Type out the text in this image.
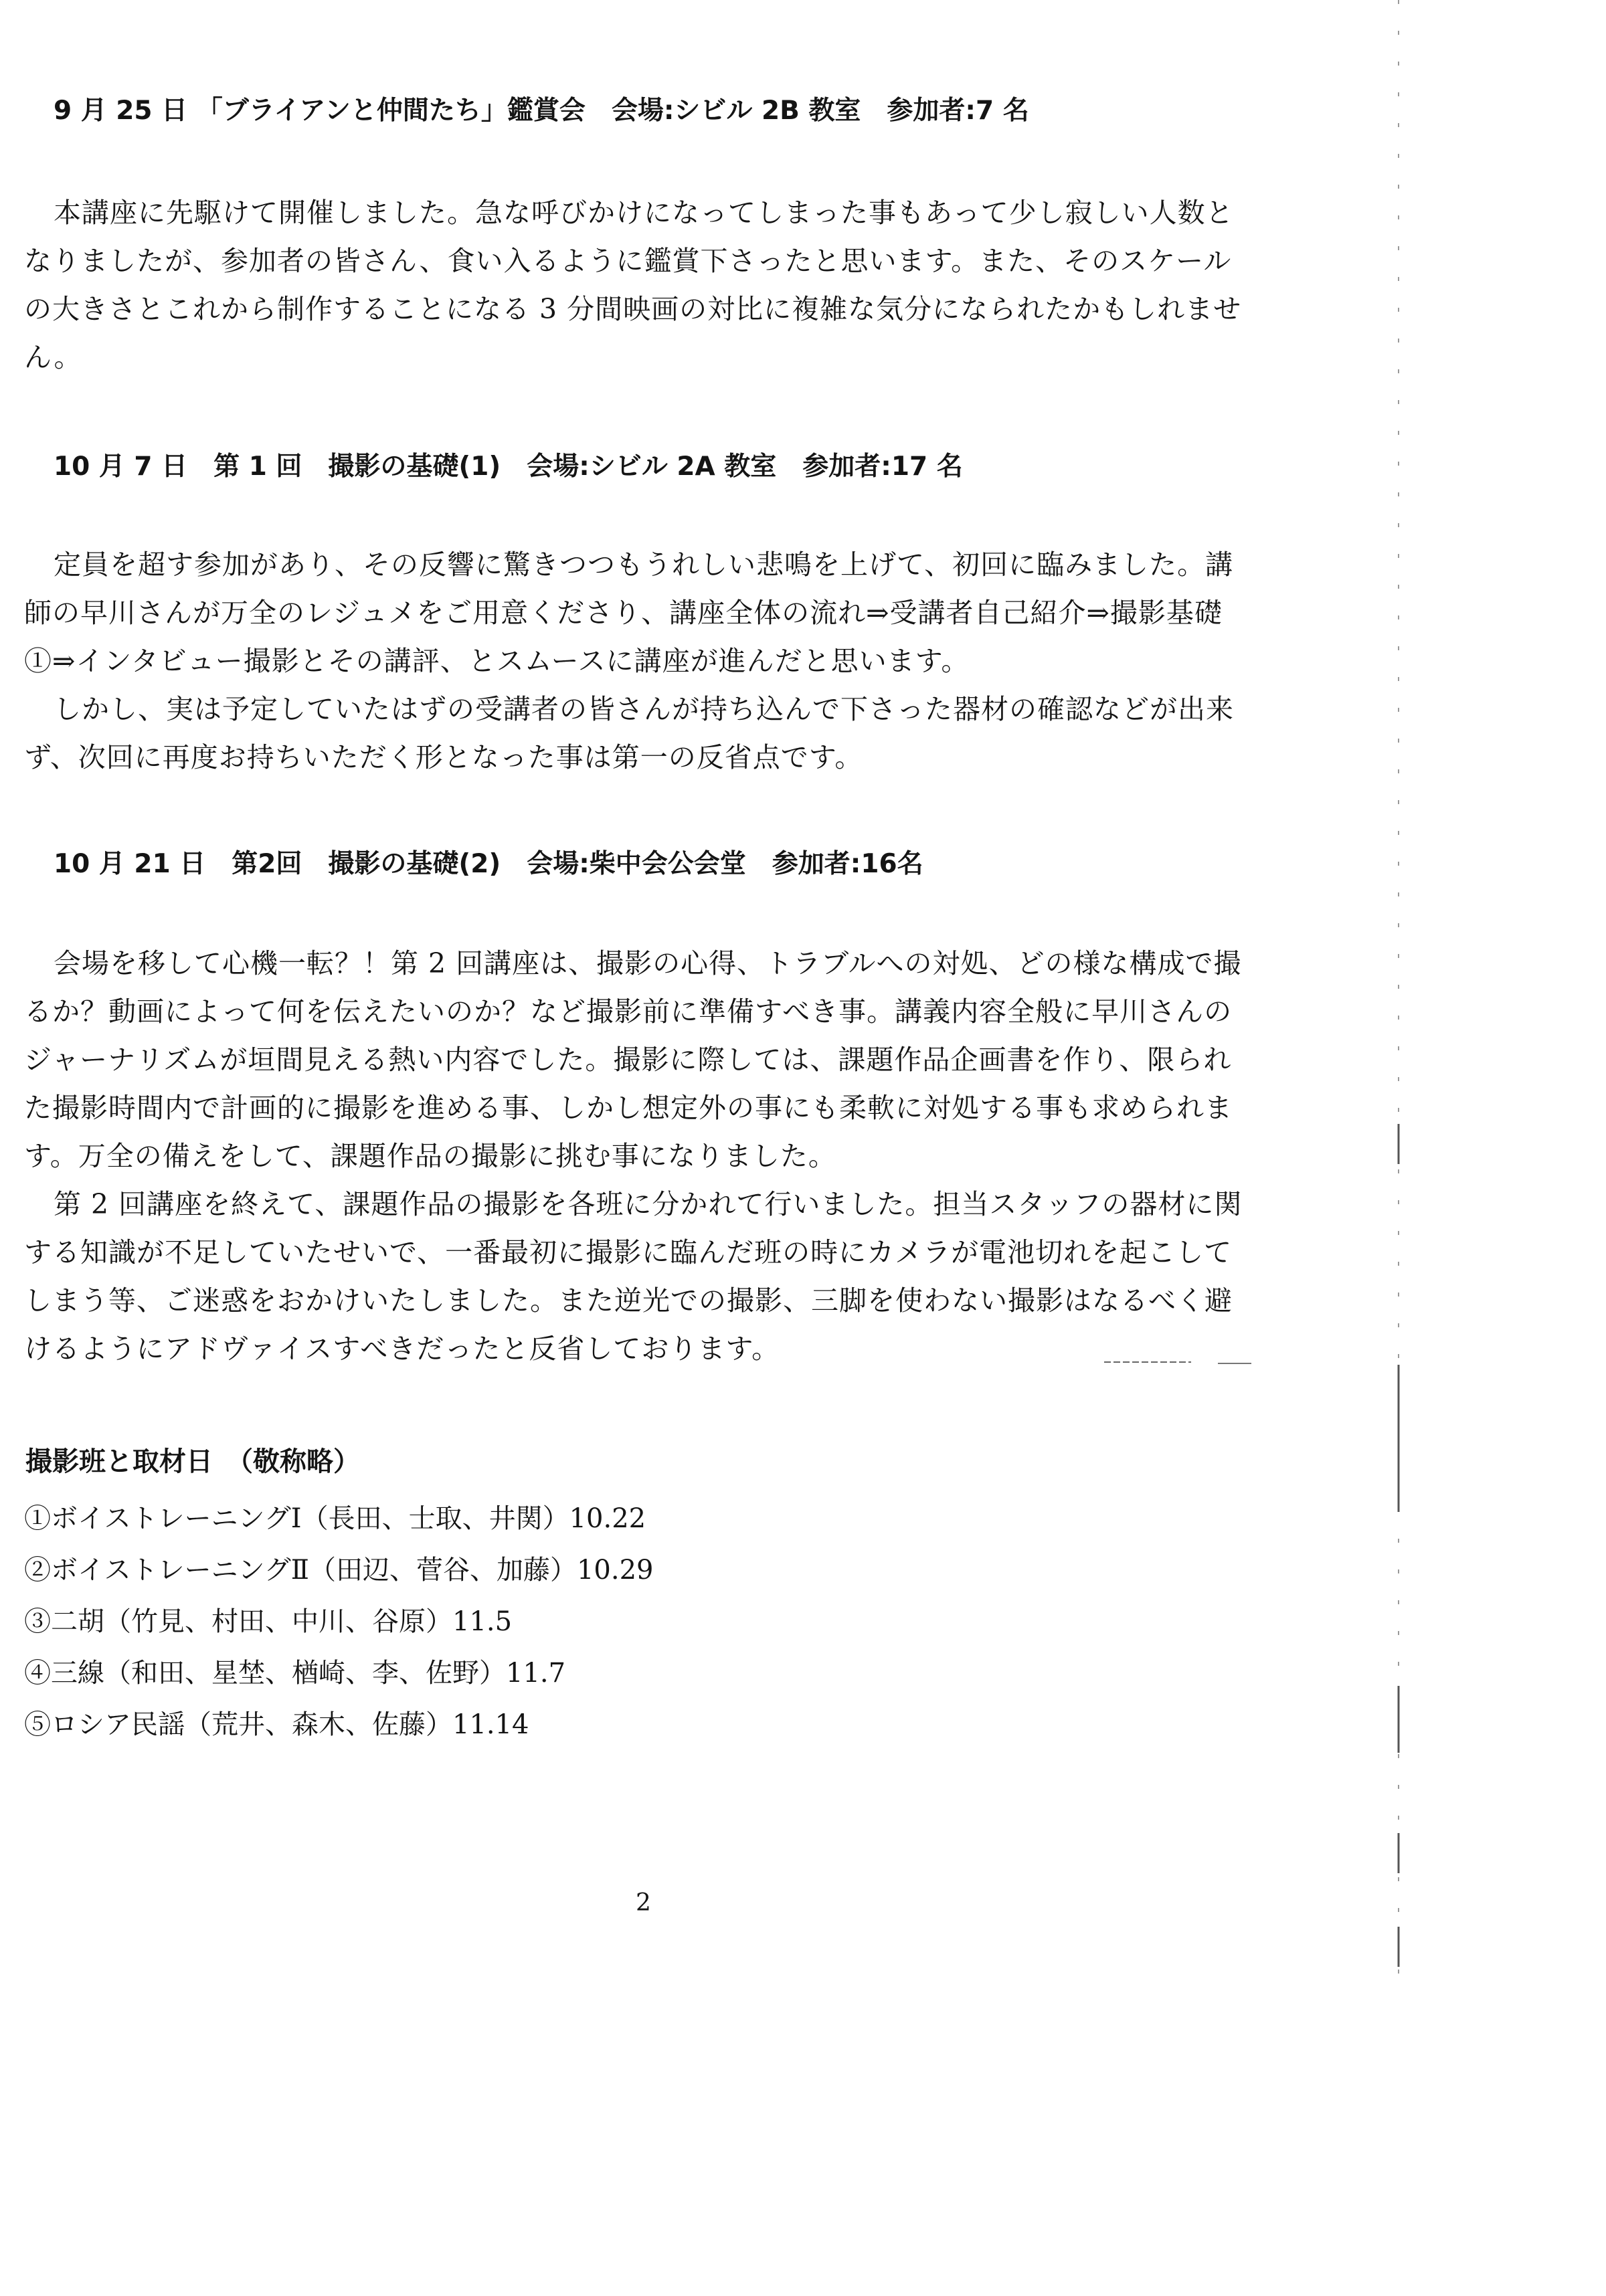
9 月 25 日 「ブライアンと仲間たち」鑑賞会　会場:シビル 2B 教室　参加者:7 名

本講座に先駆けて開催しました。急な呼びかけになってしまった事もあって少し寂しい人数となりましたが、参加者の皆さん、食い入るように鑑賞下さったと思います。また、そのスケールの大きさとこれから制作することになる 3 分間映画の対比に複雑な気分になられたかもしれません。

10 月 7 日　第 1 回　撮影の基礎(1)　会場:シビル 2A 教室　参加者:17 名

定員を超す参加があり、その反響に驚きつつもうれしい悲鳴を上げて、初回に臨みました。講師の早川さんが万全のレジュメをご用意くださり、講座全体の流れ⇒受講者自己紹介⇒撮影基礎①⇒インタビュー撮影とその講評、とスムースに講座が進んだと思います。

しかし、実は予定していたはずの受講者の皆さんが持ち込んで下さった器材の確認などが出来ず、次回に再度お持ちいただく形となった事は第一の反省点です。

10 月 21 日　第2回　撮影の基礎(2)　会場:柴中会公会堂　参加者:16名

会場を移して心機一転？！第 2 回講座は、撮影の心得、トラブルへの対処、どの様な構成で撮るか？動画によって何を伝えたいのか？など撮影前に準備すべき事。講義内容全般に早川さんのジャーナリズムが垣間見える熱い内容でした。撮影に際しては、課題作品企画書を作り、限られた撮影時間内で計画的に撮影を進める事、しかし想定外の事にも柔軟に対処する事も求められます。万全の備えをして、課題作品の撮影に挑む事になりました。

第 2 回講座を終えて、課題作品の撮影を各班に分かれて行いました。担当スタッフの器材に関する知識が不足していたせいで、一番最初に撮影に臨んだ班の時にカメラが電池切れを起こしてしまう等、ご迷惑をおかけいたしました。また逆光での撮影、三脚を使わない撮影はなるべく避けるようにアドヴァイスすべきだったと反省しております。

撮影班と取材日　（敬称略）
①ボイストレーニングⅠ（長田、士取、井関）10.22
②ボイストレーニングⅡ（田辺、菅谷、加藤）10.29
③二胡（竹見、村田、中川、谷原）11.5
④三線（和田、星埜、楢崎、李、佐野）11.7
⑤ロシア民謡（荒井、森木、佐藤）11.14
2
